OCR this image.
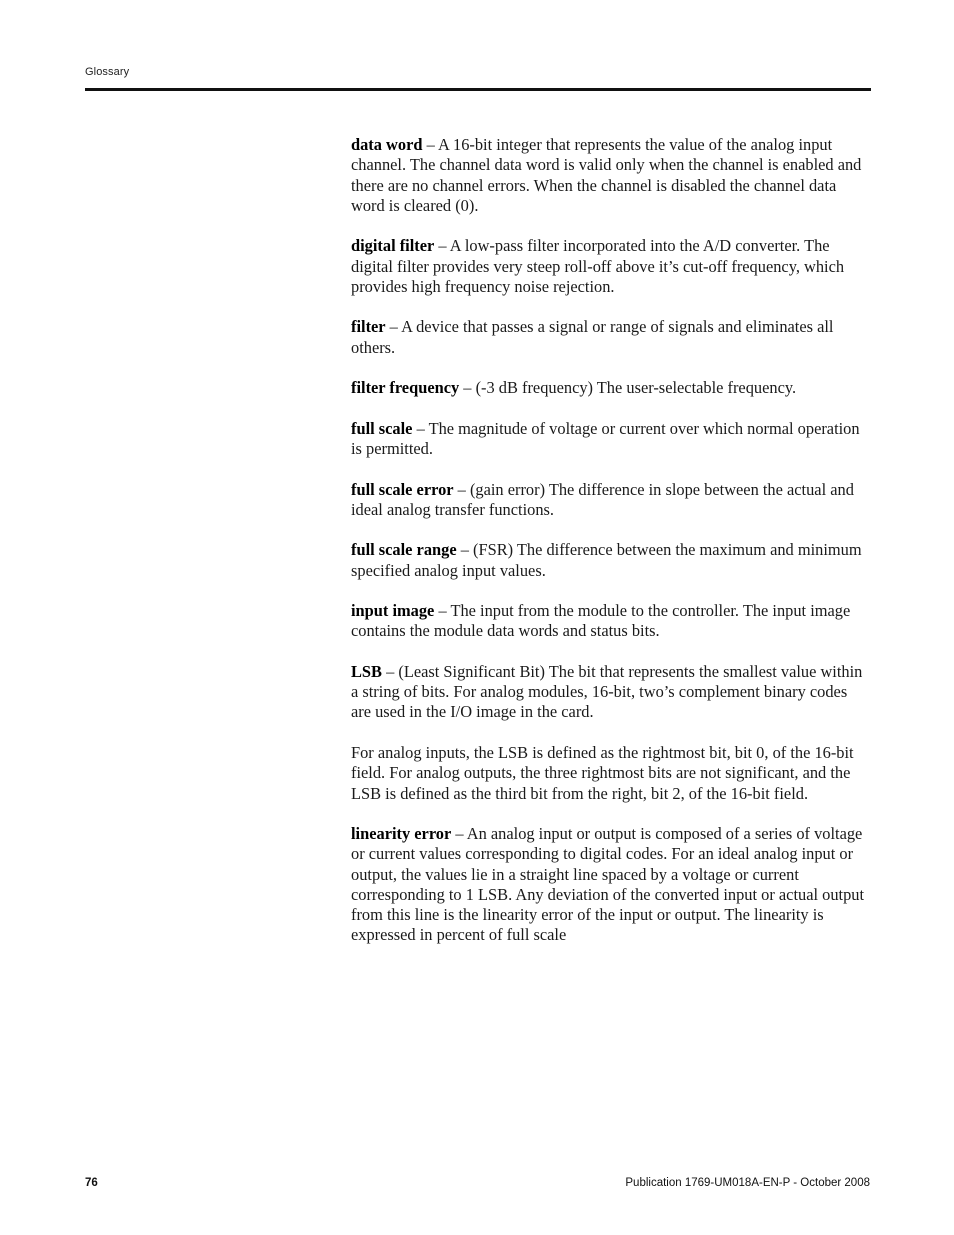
Glossary

data word – A 16-bit integer that represents the value of the analog input channel. The channel data word is valid only when the channel is enabled and there are no channel errors. When the channel is disabled the channel data word is cleared (0).

digital filter – A low-pass filter incorporated into the A/D converter. The digital filter provides very steep roll-off above it’s cut-off frequency, which provides high frequency noise rejection.

filter – A device that passes a signal or range of signals and eliminates all others.

filter frequency – (-3 dB frequency) The user-selectable frequency.

full scale – The magnitude of voltage or current over which normal operation is permitted.

full scale error – (gain error) The difference in slope between the actual and ideal analog transfer functions.

full scale range – (FSR) The difference between the maximum and minimum specified analog input values.

input image – The input from the module to the controller. The input image contains the module data words and status bits.

LSB – (Least Significant Bit) The bit that represents the smallest value within a string of bits. For analog modules, 16-bit, two’s complement binary codes are used in the I/O image in the card.

For analog inputs, the LSB is defined as the rightmost bit, bit 0, of the 16-bit field. For analog outputs, the three rightmost bits are not significant, and the LSB is defined as the third bit from the right, bit 2, of the 16-bit field.

linearity error – An analog input or output is composed of a series of voltage or current values corresponding to digital codes. For an ideal analog input or output, the values lie in a straight line spaced by a voltage or current corresponding to 1 LSB. Any deviation of the converted input or actual output from this line is the linearity error of the input or output. The linearity is expressed in percent of full scale

76	Publication 1769-UM018A-EN-P - October 2008
